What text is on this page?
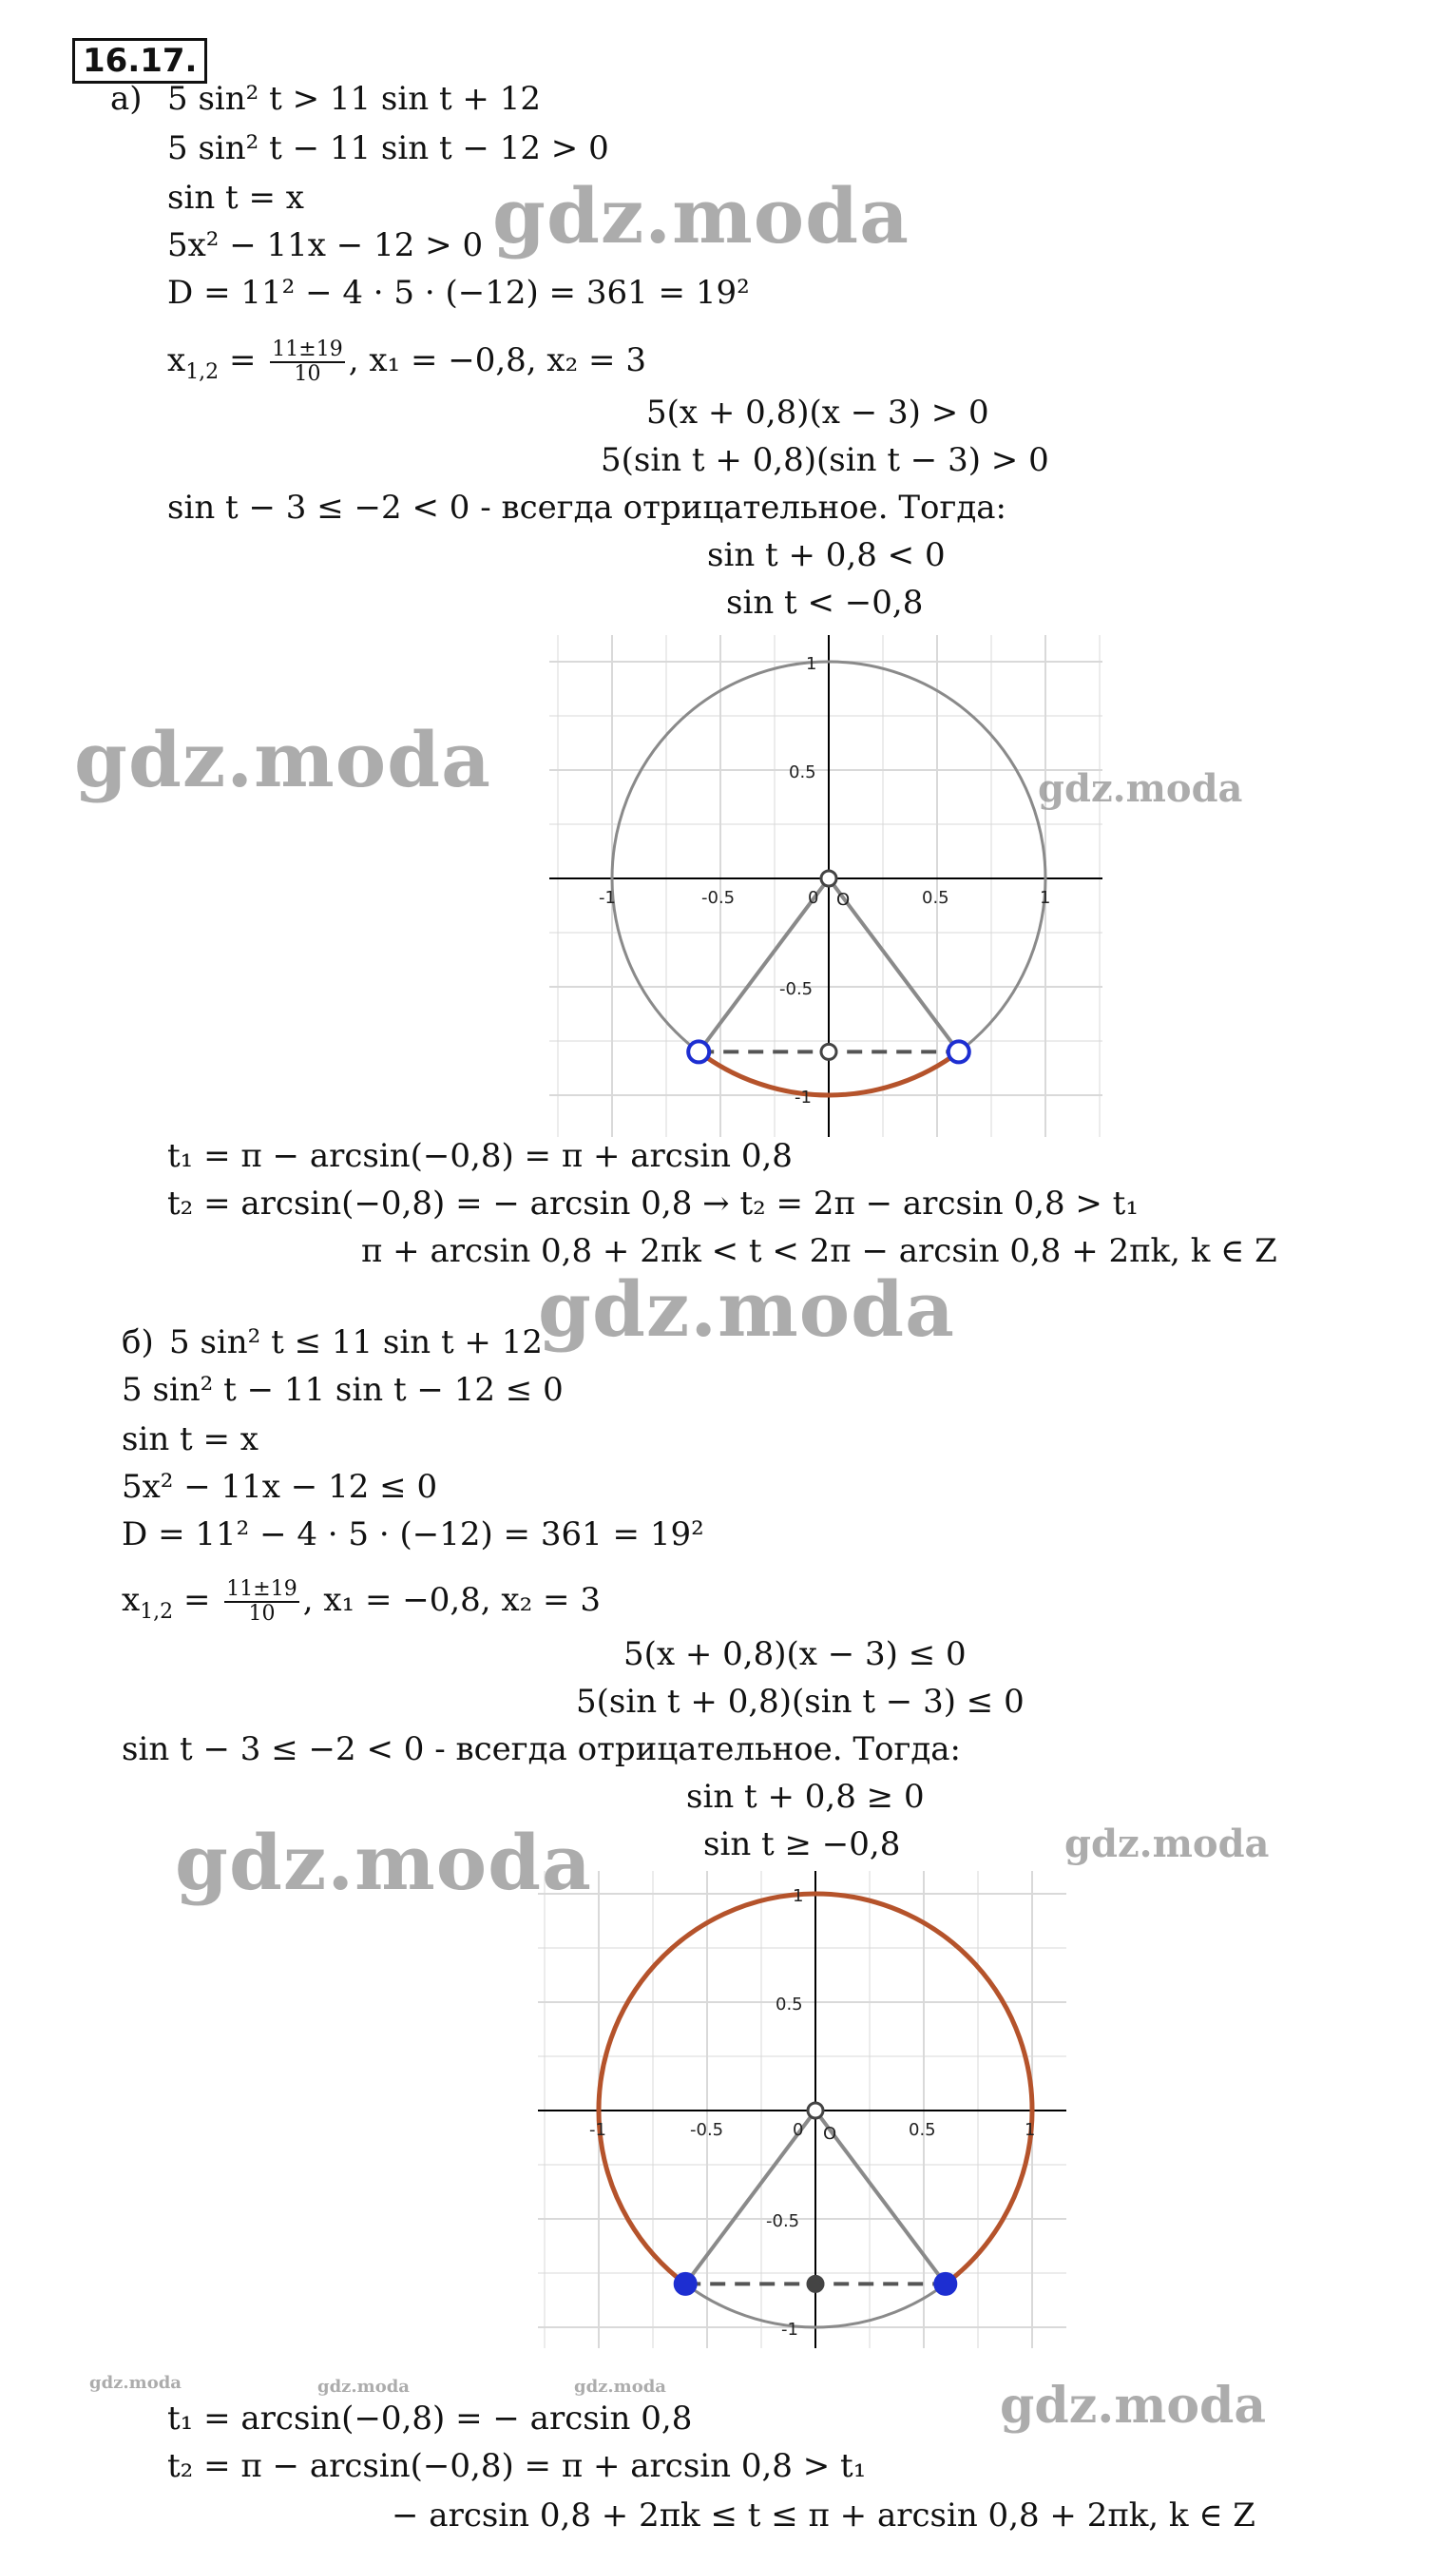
16.17.
а) 5 sin² t > 11 sin t + 12
5 sin² t − 11 sin t − 12 > 0
sin t = x
5x² − 11x − 12 > 0
D = 11² − 4 · 5 · (−12) = 361 = 19²
$x_{1,2} = \frac{11\pm 19}{10}$ , x₁ = −0,8, x₂ = 3
5(x + 0,8)(x − 3) > 0
5(sin t + 0,8)(sin t − 3) > 0
sin t − 3 ≤ −2 < 0 - всегда отрицательное. Тогда:
sin t + 0,8 < 0
sin t < −0,8
-1	-0.5	0	0.5	1
1
0.5
-0.5
-1
O
t₁ = π − arcsin(−0,8) = π + arcsin 0,8
t₂ = arcsin(−0,8) = − arcsin 0,8 → t₂ = 2π − arcsin 0,8 > t₁
π + arcsin 0,8 + 2πk < t < 2π − arcsin 0,8 + 2πk, k ∈ Z
б) 5 sin² t ≤ 11 sin t + 12
5 sin² t − 11 sin t − 12 ≤ 0
sin t = x
5x² − 11x − 12 ≤ 0
D = 11² − 4 · 5 · (−12) = 361 = 19²
$x_{1,2} = \frac{11\pm 19}{10}$ , x₁ = −0,8, x₂ = 3
5(x + 0,8)(x − 3) ≤ 0
5(sin t + 0,8)(sin t − 3) ≤ 0
sin t − 3 ≤ −2 < 0 - всегда отрицательное. Тогда:
sin t + 0,8 ≥ 0
sin t ≥ −0,8
-1	-0.5	0	0.5	1
1
0.5
-0.5
-1
O
t₁ = arcsin(−0,8) = − arcsin 0,8
t₂ = π − arcsin(−0,8) = π + arcsin 0,8 > t₁
− arcsin 0,8 + 2πk ≤ t ≤ π + arcsin 0,8 + 2πk, k ∈ Z
gdz.moda
gdz.moda	gdz.moda
gdz.moda
gdz.moda	gdz.moda
gdz.moda	gdz.moda	gdz.moda	gdz.moda
